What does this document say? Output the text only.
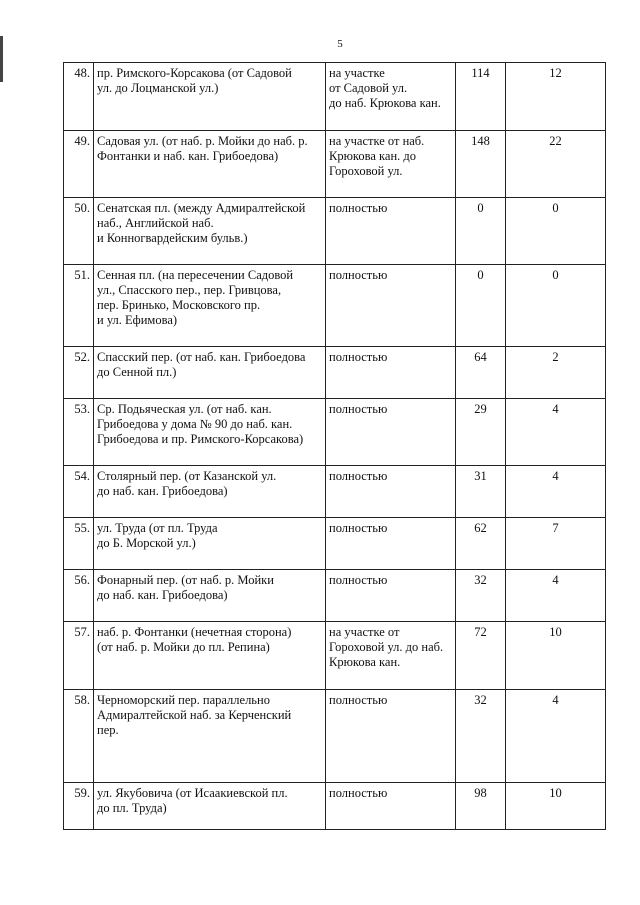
5
48.	пр. Римского-Корсакова (от Садовой
ул. до Лоцманской ул.)	на участке
от Садовой ул.
до наб. Крюкова кан.	114	12
49.	Садовая ул. (от наб. р. Мойки до наб. р.
Фонтанки и наб. кан. Грибоедова)	на участке от наб.
Крюкова кан. до
Гороховой ул.	148	22
50.	Сенатская пл. (между Адмиралтейской
наб., Английской наб.
и Конногвардейским бульв.)	полностью	0	0
51.	Сенная пл. (на пересечении Садовой
ул., Спасского пер., пер. Гривцова,
пер. Бринько, Московского пр.
и ул. Ефимова)	полностью	0	0
52.	Спасский пер. (от наб. кан. Грибоедова
до Сенной пл.)	полностью	64	2
53.	Ср. Подьяческая ул. (от наб. кан.
Грибоедова у дома № 90 до наб. кан.
Грибоедова и пр. Римского-Корсакова)	полностью	29	4
54.	Столярный пер. (от Казанской ул.
до наб. кан. Грибоедова)	полностью	31	4
55.	ул. Труда (от пл. Труда
до Б. Морской ул.)	полностью	62	7
56.	Фонарный пер. (от наб. р. Мойки
до наб. кан. Грибоедова)	полностью	32	4
57.	наб. р. Фонтанки (нечетная сторона)
(от наб. р. Мойки до пл. Репина)	на участке от
Гороховой ул. до наб.
Крюкова кан.	72	10
58.	Черноморский пер. параллельно
Адмиралтейской наб. за Керченский
пер.	полностью	32	4
59.	ул. Якубовича (от Исаакиевской пл.
до пл. Труда)	полностью	98	10
